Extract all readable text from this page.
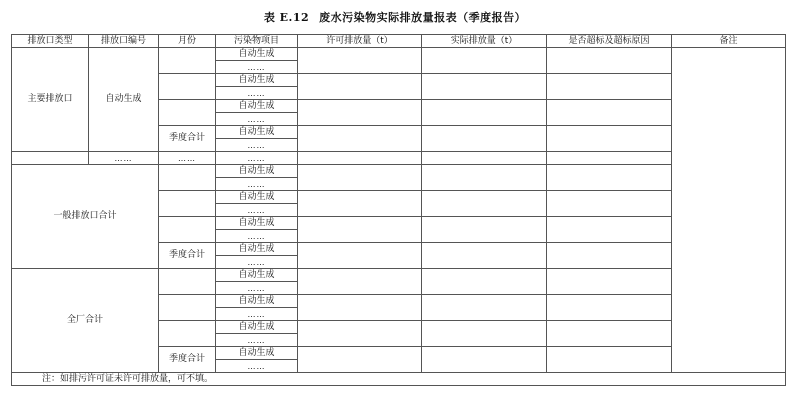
表 E.12 废水污染物实际排放量报表（季度报告）
排放口类型	排放口编号	月份	污染物项目	许可排放量（t）	实际排放量（t）	是否超标及超标原因	备注
主要排放口	自动生成		自动生成				
			……				
			自动生成				
			……				
			自动生成				
			……				
		季度合计	自动生成				
			……				
	……	……	……				
一般排放口合计			自动生成				
			……				
			自动生成				
			……				
			自动生成				
			……				
		季度合计	自动生成				
			……				
全厂合计			自动生成				
			……				
			自动生成				
			……				
			自动生成				
			……				
		季度合计	自动生成				
			……				
注：如排污许可证未许可排放量，可不填。							
